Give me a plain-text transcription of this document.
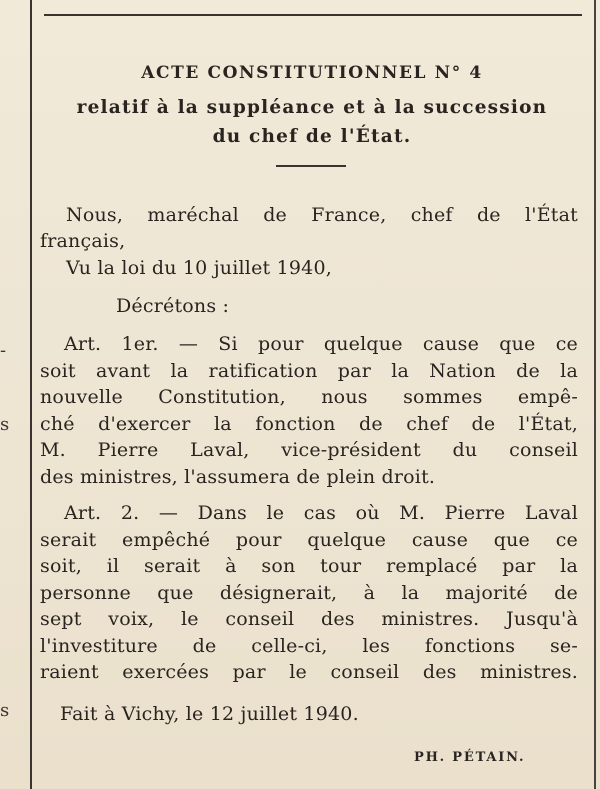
-
s
s
ACTE CONSTITUTIONNEL N° 4
relatif à la suppléance et à la succession
du chef de l'État.
Nous, maréchal de France, chef de l'État
français,
Vu la loi du 10 juillet 1940,
Décrétons :
Art. 1er. — Si pour quelque cause que ce
soit avant la ratification par la Nation de la
nouvelle Constitution, nous sommes empê-
ché d'exercer la fonction de chef de l'État,
M. Pierre Laval, vice-président du conseil
des ministres, l'assumera de plein droit.
Art. 2. — Dans le cas où M. Pierre Laval
serait empêché pour quelque cause que ce
soit, il serait à son tour remplacé par la
personne que désignerait, à la majorité de
sept voix, le conseil des ministres. Jusqu'à
l'investiture de celle-ci, les fonctions se-
raient exercées par le conseil des ministres.
Fait à Vichy, le 12 juillet 1940.
PH. PÉTAIN.
